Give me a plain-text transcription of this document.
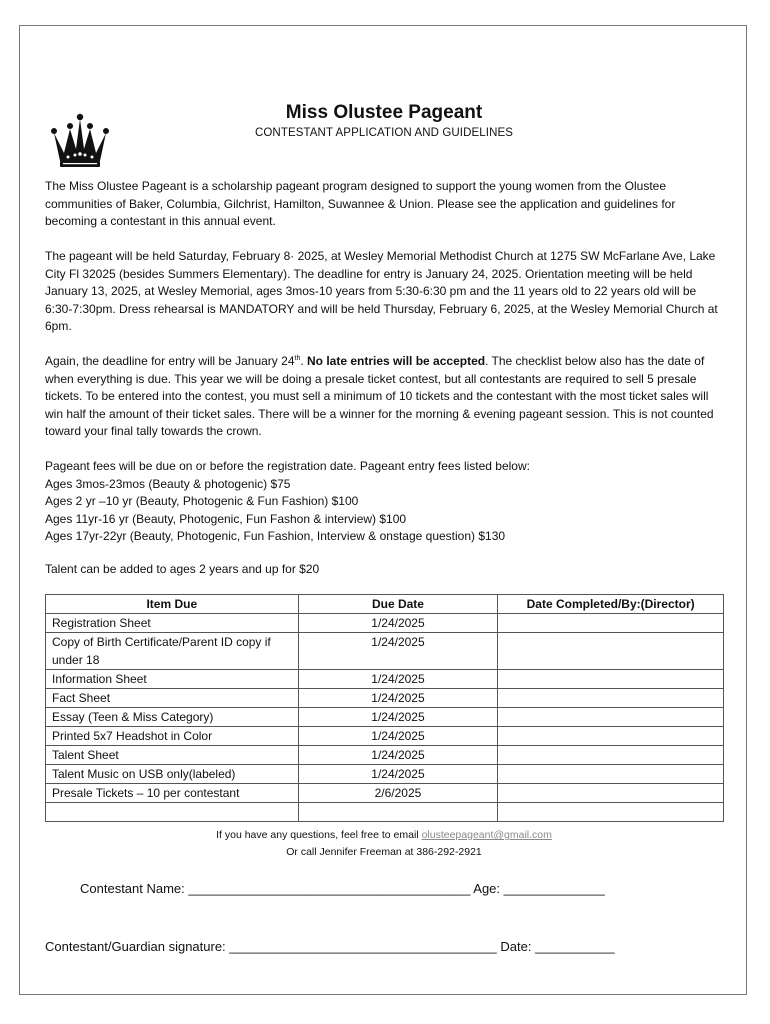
Miss Olustee Pageant
CONTESTANT APPLICATION AND GUIDELINES
The Miss Olustee Pageant is a scholarship pageant program designed to support the young women from the Olustee communities of Baker, Columbia, Gilchrist, Hamilton, Suwannee & Union. Please see the application and guidelines for becoming a contestant in this annual event.
The pageant will be held Saturday, February 8· 2025, at Wesley Memorial Methodist Church at 1275 SW McFarlane Ave, Lake City Fl 32025 (besides Summers Elementary). The deadline for entry is January 24, 2025. Orientation meeting will be held January 13, 2025, at Wesley Memorial, ages 3mos-10 years from 5:30-6:30 pm and the 11 years old to 22 years old will be 6:30-7:30pm. Dress rehearsal is MANDATORY and will be held Thursday, February 6, 2025, at the Wesley Memorial Church at 6pm.
Again, the deadline for entry will be January 24th. No late entries will be accepted. The checklist below also has the date of when everything is due. This year we will be doing a presale ticket contest, but all contestants are required to sell 5 presale tickets. To be entered into the contest, you must sell a minimum of 10 tickets and the contestant with the most ticket sales will win half the amount of their ticket sales. There will be a winner for the morning & evening pageant session. This is not counted toward your final tally towards the crown.
Pageant fees will be due on or before the registration date. Pageant entry fees listed below:
Ages 3mos-23mos (Beauty & photogenic) $75
Ages 2 yr –10 yr (Beauty, Photogenic & Fun Fashion) $100
Ages 11yr-16 yr (Beauty, Photogenic, Fun Fashon & interview) $100
Ages 17yr-22yr (Beauty, Photogenic, Fun Fashion, Interview & onstage question) $130
Talent can be added to ages 2 years and up for $20
Item Due	Due Date	Date Completed/By:(Director)
Registration Sheet	1/24/2025	
Copy of Birth Certificate/Parent ID copy if under 18	1/24/2025	
Information Sheet	1/24/2025	
Fact Sheet	1/24/2025	
Essay (Teen & Miss Category)	1/24/2025	
Printed 5x7 Headshot in Color	1/24/2025	
Talent Sheet	1/24/2025	
Talent Music on USB only(labeled)	1/24/2025	
Presale Tickets – 10 per contestant	2/6/2025	

If you have any questions, feel free to email olusteepageant@gmail.com
Or call Jennifer Freeman at 386-292-2921
Contestant Name: _______________________________________ Age: ______________
Contestant/Guardian signature: _____________________________________ Date: ___________
